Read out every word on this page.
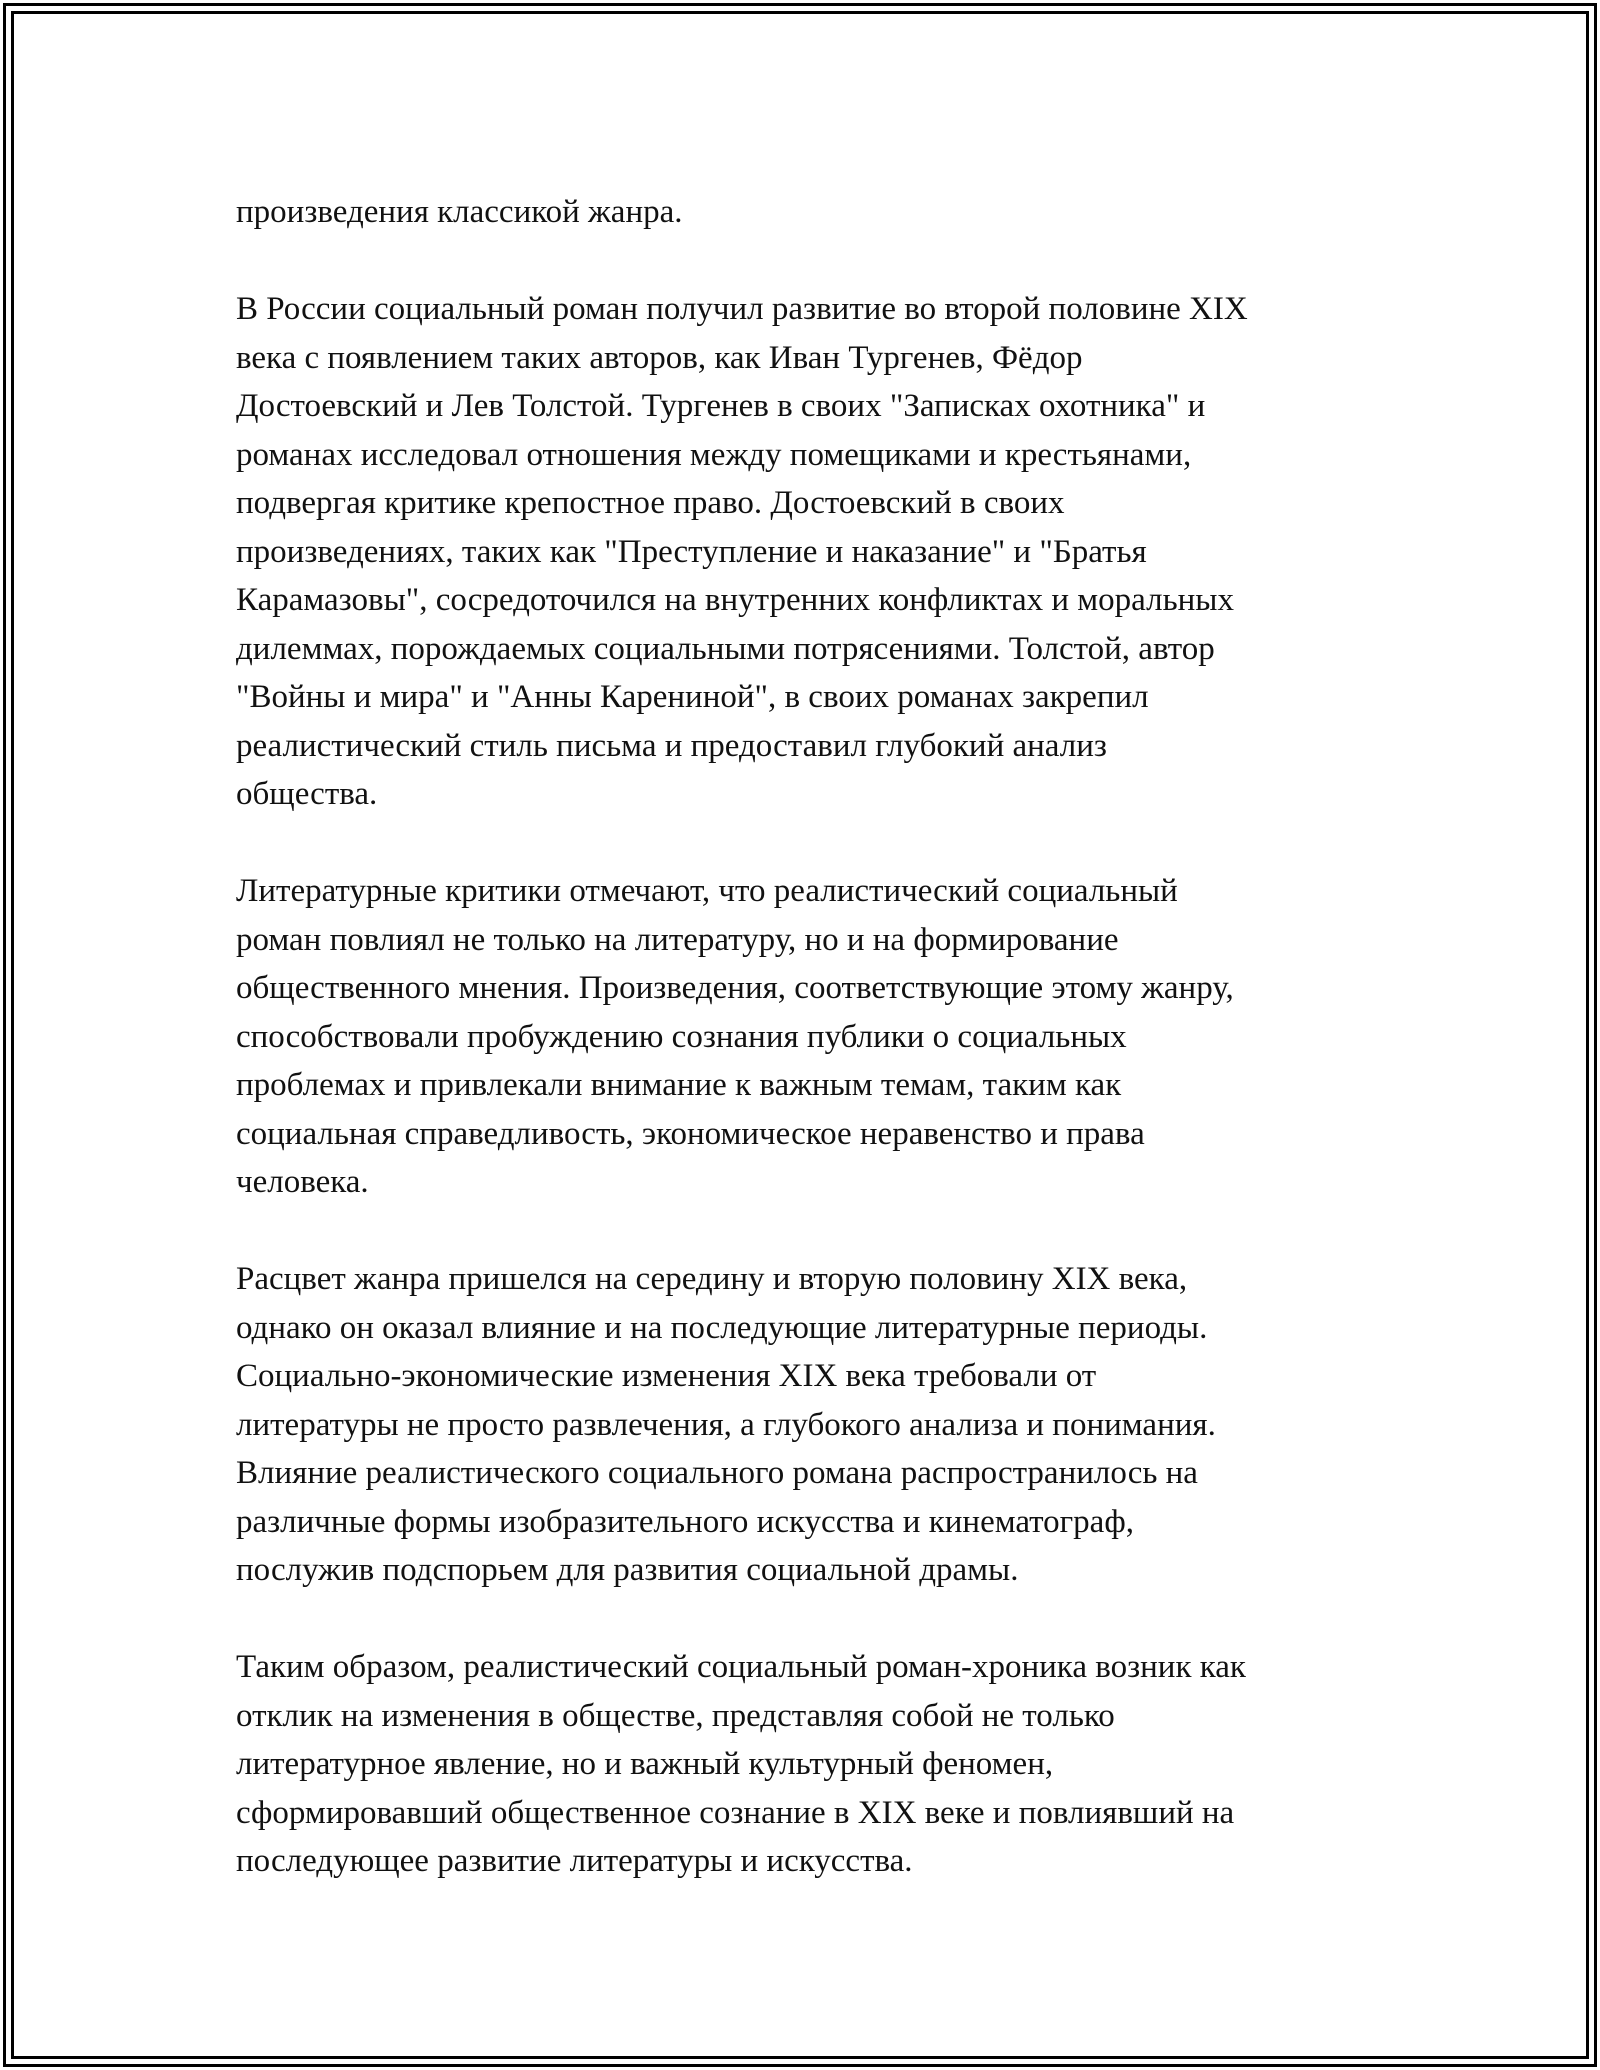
произведения классикой жанра.

В России социальный роман получил развитие во второй половине XIX
века с появлением таких авторов, как Иван Тургенев, Фёдор
Достоевский и Лев Толстой. Тургенев в своих "Записках охотника" и
романах исследовал отношения между помещиками и крестьянами,
подвергая критике крепостное право. Достоевский в своих
произведениях, таких как "Преступление и наказание" и "Братья
Карамазовы", сосредоточился на внутренних конфликтах и моральных
дилеммах, порождаемых социальными потрясениями. Толстой, автор
"Войны и мира" и "Анны Карениной", в своих романах закрепил
реалистический стиль письма и предоставил глубокий анализ
общества.

Литературные критики отмечают, что реалистический социальный
роман повлиял не только на литературу, но и на формирование
общественного мнения. Произведения, соответствующие этому жанру,
способствовали пробуждению сознания публики о социальных
проблемах и привлекали внимание к важным темам, таким как
социальная справедливость, экономическое неравенство и права
человека.

Расцвет жанра пришелся на середину и вторую половину XIX века,
однако он оказал влияние и на последующие литературные периоды.
Социально-экономические изменения XIX века требовали от
литературы не просто развлечения, а глубокого анализа и понимания.
Влияние реалистического социального романа распространилось на
различные формы изобразительного искусства и кинематограф,
послужив подспорьем для развития социальной драмы.

Таким образом, реалистический социальный роман-хроника возник как
отклик на изменения в обществе, представляя собой не только
литературное явление, но и важный культурный феномен,
сформировавший общественное сознание в XIX веке и повлиявший на
последующее развитие литературы и искусства.
